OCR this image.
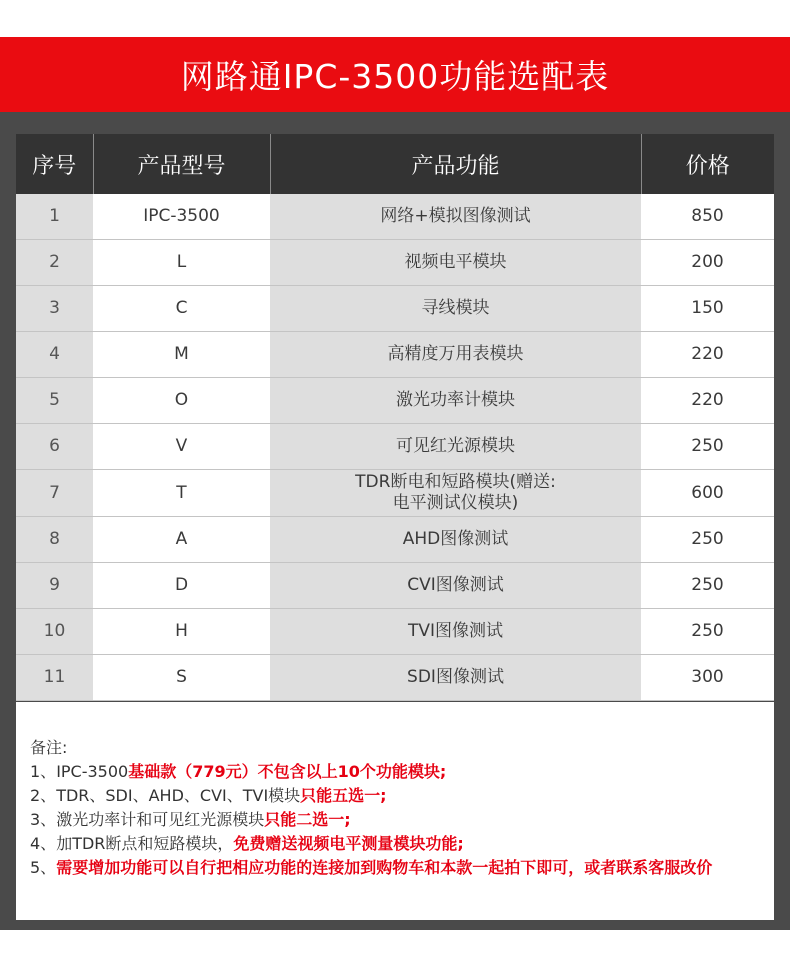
网路通IPC-3500功能选配表
序号	产品型号	产品功能	价格
1	IPC-3500	网络+模拟图像测试	850
2	L	视频电平模块	200
3	C	寻线模块	150
4	M	高精度万用表模块	220
5	O	激光功率计模块	220
6	V	可见红光源模块	250
7	T	TDR断电和短路模块(赠送:
电平测试仪模块)	600
8	A	AHD图像测试	250
9	D	CVI图像测试	250
10	H	TVI图像测试	250
11	S	SDI图像测试	300
备注:
1、 IPC-3500基础款（779元）不包含以上10个功能模块;
2、 TDR、SDI、AHD、CVI、TVI模块只能五选一;
3、 激光功率计和可见红光源模块只能二选一;
4、 加TDR断点和短路模块，免费赠送视频电平测量模块功能;
5、 需要增加功能可以自行把相应功能的连接加到购物车和本款一起拍下即可，或者联系客服改价
